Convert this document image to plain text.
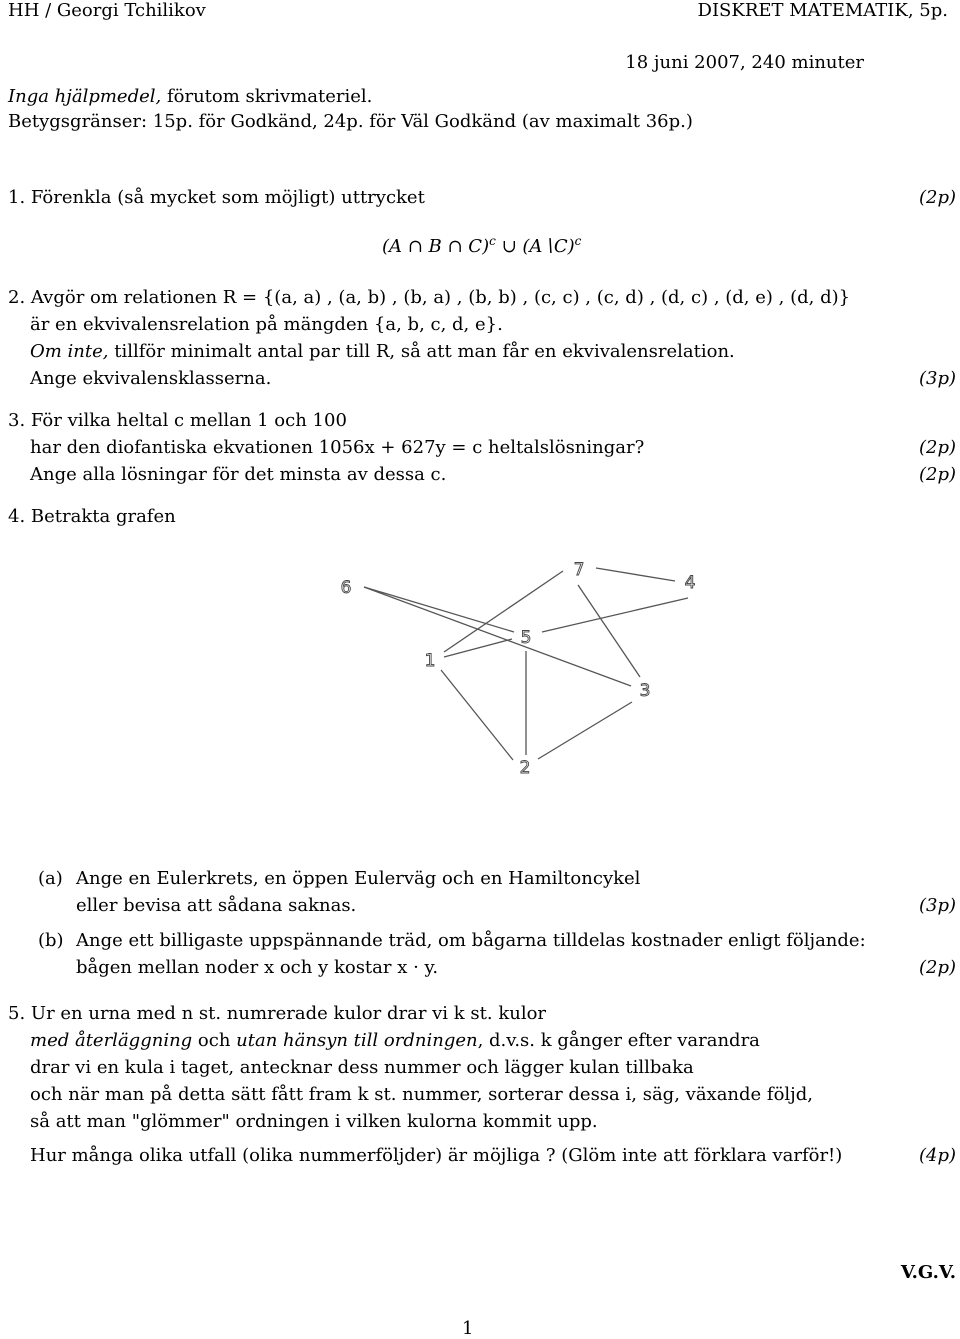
HH / Georgi Tchilikov	DISKRET MATEMATIK, 5p.
18 juni 2007, 240 minuter
Inga hjälpmedel, förutom skrivmateriel.
Betygsgränser: 15p. för Godkänd, 24p. för Väl Godkänd (av maximalt 36p.)
1. Förenkla (så mycket som möjligt) uttrycket	(2p)
(A ∩ B ∩ C)$^c$ ∪ (A∖C)$^c$
2. Avgör om relationen R = {(a, a) , (a, b) , (b, a) , (b, b) , (c, c) , (c, d) , (d, c) , (d, e) , (d, d)}
är en ekvivalensrelation på mängden {a, b, c, d, e}.
Om inte, tillför minimalt antal par till R, så att man får en ekvivalensrelation.
Ange ekvivalensklasserna.	(3p)
3. För vilka heltal c mellan 1 och 100
har den diofantiska ekvationen 1056x + 627y = c heltalslösningar?	(2p)
Ange alla lösningar för det minsta av dessa c.	(2p)
4. Betrakta grafen
6
7
4
1
5
3
2
(a) Ange en Eulerkrets, en öppen Eulerväg och en Hamiltoncykel
eller bevisa att sådana saknas.	(3p)
(b) Ange ett billigaste uppspännande träd, om bågarna tilldelas kostnader enligt följande:
bågen mellan noder x och y kostar x · y.	(2p)
5. Ur en urna med n st. numrerade kulor drar vi k st. kulor
med återläggning och utan hänsyn till ordningen, d.v.s. k gånger efter varandra
drar vi en kula i taget, antecknar dess nummer och lägger kulan tillbaka
och när man på detta sätt fått fram k st. nummer, sorterar dessa i, säg, växande följd,
så att man "glömmer" ordningen i vilken kulorna kommit upp.
Hur många olika utfall (olika nummerföljder) är möjliga ? (Glöm inte att förklara varför!)	(4p)
V.G.V.
1
